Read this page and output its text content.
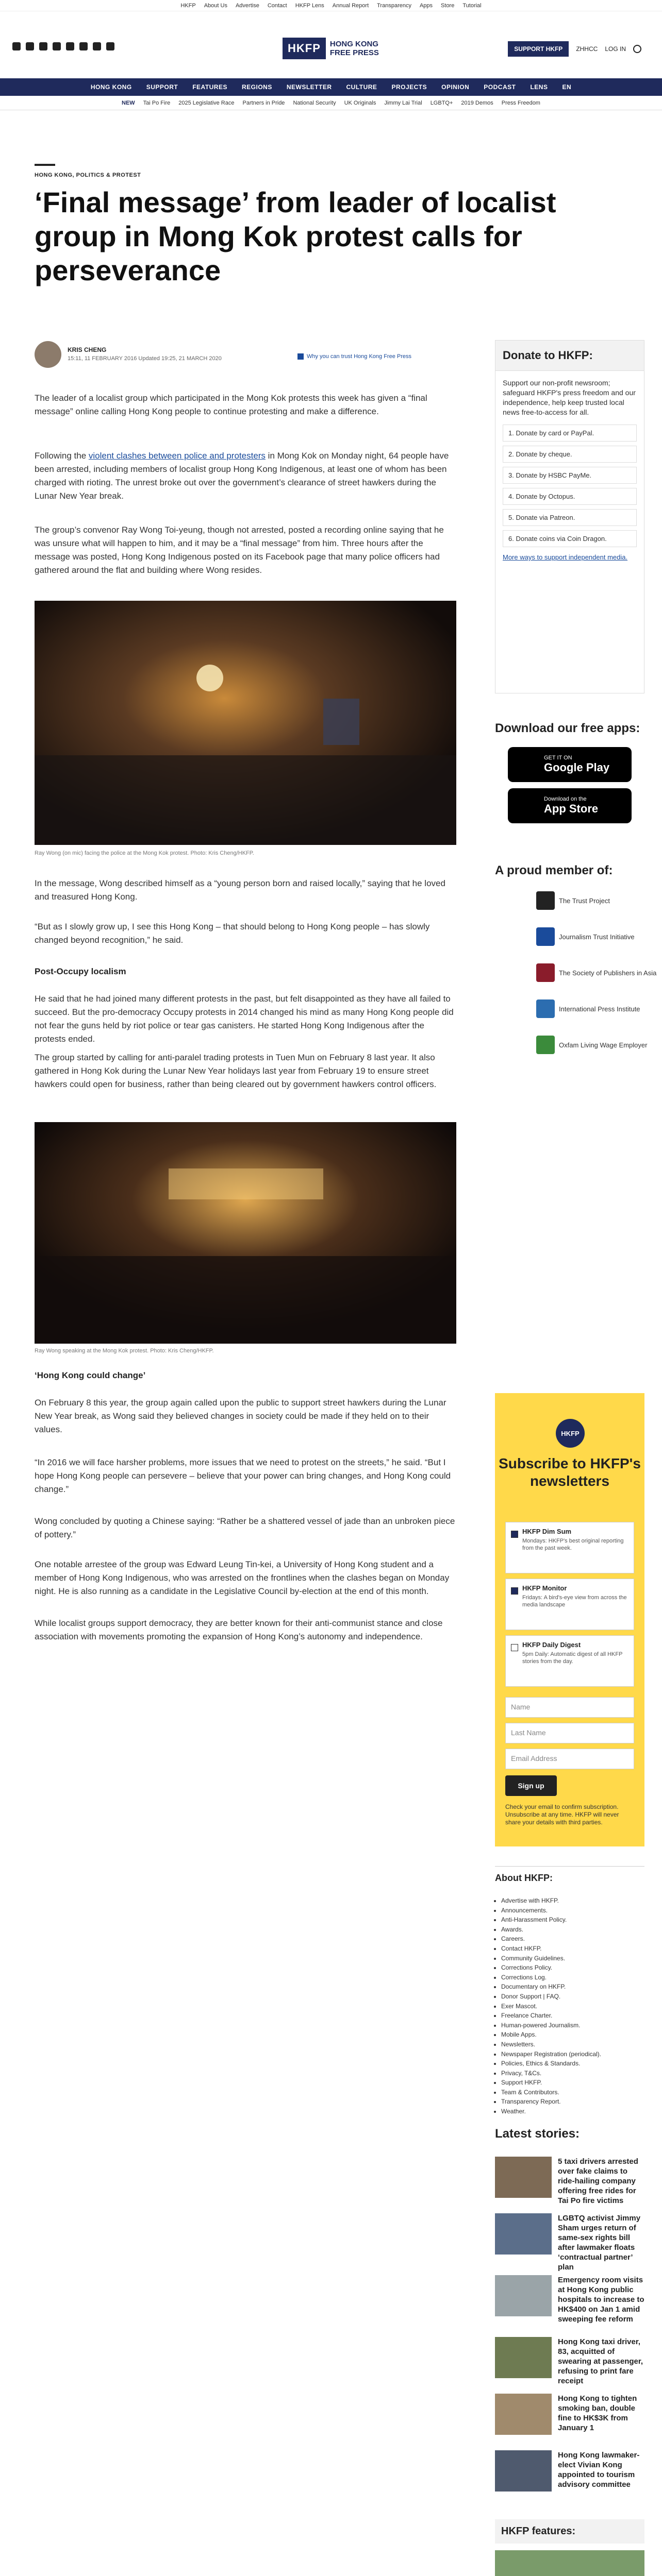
HKFP About Us Advertise Contact HKFP Lens Annual Report Transparency Apps Store Tutorial
HKFP	HONG KONG FREE PRESS	SUPPORT HKFP	ZHHCC LOG IN
HONG KONG SUPPORT FEATURES REGIONS NEWSLETTER CULTURE PROJECTS OPINION PODCAST LENS EN
NEW Tai Po Fire 2025 Legislative Race Partners in Pride National Security UK Originals Jimmy Lai Trial LGBTQ+ 2019 Demos Press Freedom
HONG KONG, POLITICS & PROTEST
‘Final message’ from leader of localist group in Mong Kok protest calls for perseverance
KRIS CHENG
15:11, 11 FEBRUARY 2016 Updated 19:25, 21 MARCH 2020	Why you can trust Hong Kong Free Press

The leader of a localist group which participated in the Mong Kok protests this week has given a “final message” online calling Hong Kong people to continue protesting and make a difference.

Following the violent clashes between police and protesters in Mong Kok on Monday night, 64 people have been arrested, including members of localist group Hong Kong Indigenous, at least one of whom has been charged with rioting. The unrest broke out over the government’s clearance of street hawkers during the Lunar New Year break.

The group’s convenor Ray Wong Toi-yeung, though not arrested, posted a recording online saying that he was unsure what will happen to him, and it may be a “final message” from him. Three hours after the message was posted, Hong Kong Indigenous posted on its Facebook page that many police officers had gathered around the flat and building where Wong resides.

Ray Wong (on mic) facing the police at the Mong Kok protest. Photo: Kris Cheng/HKFP.

In the message, Wong described himself as a “young person born and raised locally,” saying that he loved and treasured Hong Kong.

“But as I slowly grow up, I see this Hong Kong – that should belong to Hong Kong people – has slowly changed beyond recognition,” he said.

Post-Occupy localism

He said that he had joined many different protests in the past, but felt disappointed as they have all failed to succeed. But the pro-democracy Occupy protests in 2014 changed his mind as many Hong Kong people did not fear the guns held by riot police or tear gas canisters. He started Hong Kong Indigenous after the protests ended.

The group started by calling for anti-paralel trading protests in Tuen Mun on February 8 last year. It also gathered in Hong Kok during the Lunar New Year holidays last year from February 19 to ensure street hawkers could open for business, rather than being cleared out by government hawkers control officers.

Ray Wong speaking at the Mong Kok protest. Photo: Kris Cheng/HKFP.
‘Hong Kong could change’

On February 8 this year, the group again called upon the public to support street hawkers during the Lunar New Year break, as Wong said they believed changes in society could be made if they held on to their values.

“In 2016 we will face harsher problems, more issues that we need to protest on the streets,” he said. “But I hope Hong Kong people can persevere – believe that your power can bring changes, and Hong Kong could change.”

Wong concluded by quoting a Chinese saying: “Rather be a shattered vessel of jade than an unbroken piece of pottery.”

One notable arrestee of the group was Edward Leung Tin-kei, a University of Hong Kong student and a member of Hong Kong Indigenous, who was arrested on the frontlines when the clashes began on Monday night. He is also running as a candidate in the Legislative Council by-election at the end of this month.

While localist groups support democracy, they are better known for their anti-communist stance and close association with movements promoting the expansion of Hong Kong’s autonomy and independence.

Donate to HKFP:
Support our non-profit newsroom; safeguard HKFP's press freedom and our independence, help keep trusted local news free-to-access for all.
1. Donate by card or PayPal.
2. Donate by cheque.
3. Donate by HSBC PayMe.
4. Donate by Octopus.
5. Donate via Patreon.
6. Donate coins via Coin Dragon.
More ways to support independent media.
Download our free apps:
GET IT ON
Google Play
Download on the
App Store
A proud member of:
The Trust Project
Journalism Trust Initiative
The Society of Publishers in Asia
International Press Institute
Oxfam Living Wage Employer
HKFP
Subscribe to HKFP's newsletters
HKFP Dim Sum
Mondays: HKFP's best original reporting from the past week.
HKFP Monitor
Fridays: A bird's-eye view from across the media landscape
HKFP Daily Digest
5pm Daily: Automatic digest of all HKFP stories from the day.
Name
Last Name
Email Address
Sign up
Check your email to confirm subscription. Unsubscribe at any time. HKFP will never share your details with third parties.
About HKFP:
• Advertise with HKFP.
• Announcements.
• Anti-Harassment Policy.
• Awards.
• Careers.
• Contact HKFP.
• Community Guidelines.
• Corrections Policy.
• Corrections Log.
• Documentary on HKFP.
• Donor Support | FAQ.
• Exer Mascot.
• Freelance Charter.
• Human-powered Journalism.
• Mobile Apps.
• Newsletters.
• Newspaper Registration (periodical).
• Policies, Ethics & Standards.
• Privacy, T&Cs.
• Support HKFP.
• Team & Contributors.
• Transparency Report.
• Weather.
Latest stories:
5 taxi drivers arrested over fake claims to ride-hailing company offering free rides for Tai Po fire victims
LGBTQ activist Jimmy Sham urges return of same-sex rights bill after lawmaker floats ‘contractual partner’ plan
Emergency room visits at Hong Kong public hospitals to increase to HK$400 on Jan 1 amid sweeping fee reform
Hong Kong taxi driver, 83, acquitted of swearing at passenger, refusing to print fare receipt
Hong Kong to tighten smoking ban, double fine to HK$3K from January 1
Hong Kong lawmaker-elect Vivian Kong appointed to tourism advisory committee
HKFP features:
